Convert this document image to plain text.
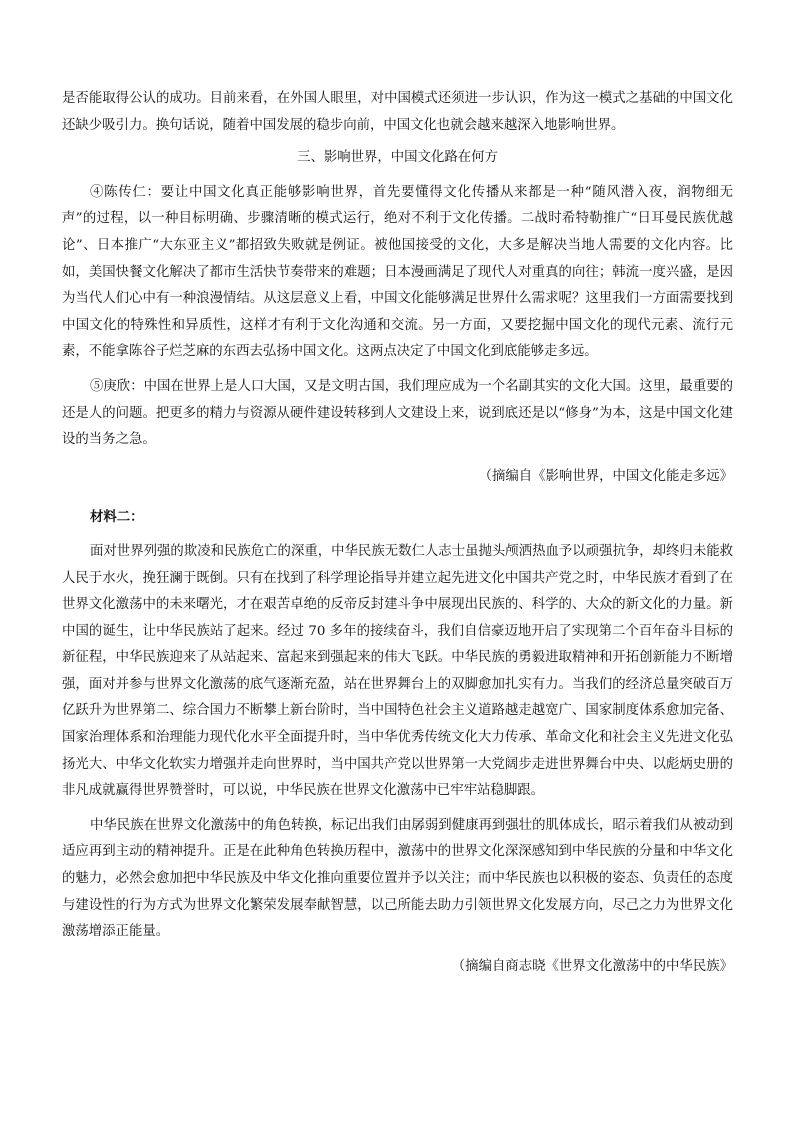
是否能取得公认的成功。目前来看，在外国人眼里，对中国模式还须进一步认识，作为这一模式之基础的中国文化还缺少吸引力。换句话说，随着中国发展的稳步向前，中国文化也就会越来越深入地影响世界。

三、影响世界，中国文化路在何方

④陈传仁：要让中国文化真正能够影响世界，首先要懂得文化传播从来都是一种“随风潜入夜，润物细无声”的过程，以一种目标明确、步骤清晰的模式运行，绝对不利于文化传播。二战时希特勒推广“日耳曼民族优越论”、日本推广“大东亚主义”都招致失败就是例证。被他国接受的文化，大多是解决当地人需要的文化内容。比如，美国快餐文化解决了都市生活快节奏带来的难题；日本漫画满足了现代人对重真的向往；韩流一度兴盛，是因为当代人们心中有一种浪漫情结。从这层意义上看，中国文化能够满足世界什么需求呢？这里我们一方面需要找到中国文化的特殊性和异质性，这样才有利于文化沟通和交流。另一方面，又要挖掘中国文化的现代元素、流行元素，不能拿陈谷子烂芝麻的东西去弘扬中国文化。这两点决定了中国文化到底能够走多远。

⑤庚欣：中国在世界上是人口大国，又是文明古国，我们理应成为一个名副其实的文化大国。这里，最重要的还是人的问题。把更多的精力与资源从硬件建设转移到人文建设上来，说到底还是以“修身”为本，这是中国文化建设的当务之急。

（摘编自《影响世界，中国文化能走多远》

材料二：

面对世界列强的欺凌和民族危亡的深重，中华民族无数仁人志士虽抛头颅洒热血予以顽强抗争，却终归未能救人民于水火，挽狂澜于既倒。只有在找到了科学理论指导并建立起先进文化中国共产党之时，中华民族才看到了在世界文化激荡中的未来曙光，才在艰苦卓绝的反帝反封建斗争中展现出民族的、科学的、大众的新文化的力量。新中国的诞生，让中华民族站了起来。经过 70 多年的接续奋斗，我们自信豪迈地开启了实现第二个百年奋斗目标的新征程，中华民族迎来了从站起来、富起来到强起来的伟大飞跃。中华民族的勇毅进取精神和开拓创新能力不断增强，面对并参与世界文化激荡的底气逐渐充盈，站在世界舞台上的双脚愈加扎实有力。当我们的经济总量突破百万亿跃升为世界第二、综合国力不断攀上新台阶时，当中国特色社会主义道路越走越宽广、国家制度体系愈加完备、国家治理体系和治理能力现代化水平全面提升时，当中华优秀传统文化大力传承、革命文化和社会主义先进文化弘扬光大、中华文化软实力增强并走向世界时，当中国共产党以世界第一大党阔步走进世界舞台中央、以彪炳史册的非凡成就赢得世界赞誉时，可以说，中华民族在世界文化激荡中已牢牢站稳脚跟。

中华民族在世界文化激荡中的角色转换，标记出我们由孱弱到健康再到强壮的肌体成长，昭示着我们从被动到适应再到主动的精神提升。正是在此种角色转换历程中，激荡中的世界文化深深感知到中华民族的分量和中华文化的魅力，必然会愈加把中华民族及中华文化推向重要位置并予以关注；而中华民族也以积极的姿态、负责任的态度与建设性的行为方式为世界文化繁荣发展奉献智慧，以己所能去助力引领世界文化发展方向，尽己之力为世界文化激荡增添正能量。

（摘编自商志晓《世界文化激荡中的中华民族》
